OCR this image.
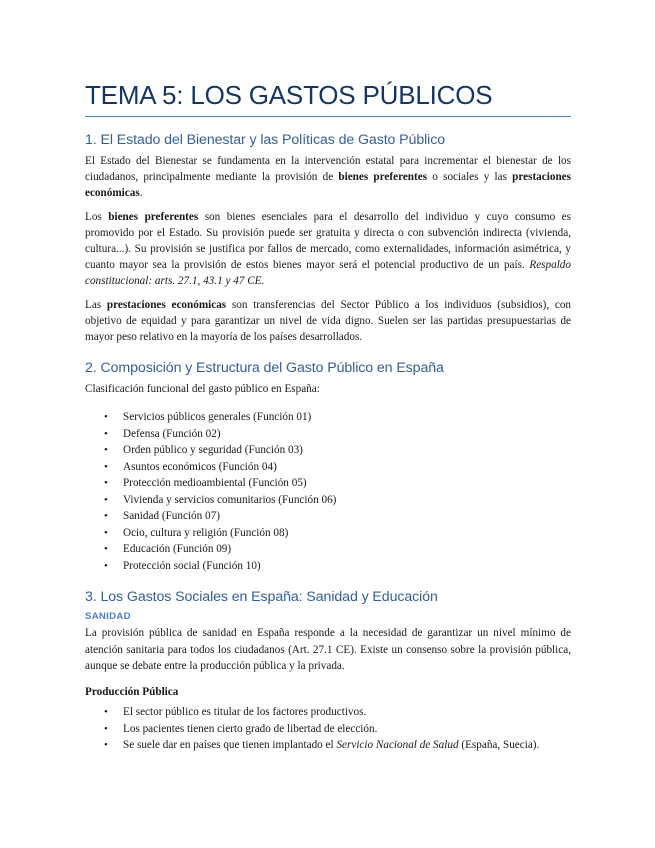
TEMA 5: LOS GASTOS PÚBLICOS
1. El Estado del Bienestar y las Políticas de Gasto Público

El Estado del Bienestar se fundamenta en la intervención estatal para incrementar el bienestar de los ciudadanos, principalmente mediante la provisión de bienes preferentes o sociales y las prestaciones económicas.

Los bienes preferentes son bienes esenciales para el desarrollo del individuo y cuyo consumo es promovido por el Estado. Su provisión puede ser gratuita y directa o con subvención indirecta (vivienda, cultura...). Su provisión se justifica por fallos de mercado, como externalidades, información asimétrica, y cuanto mayor sea la provisión de estos bienes mayor será el potencial productivo de un país. Respaldo constitucional: arts. 27.1, 43.1 y 47 CE.

Las prestaciones económicas son transferencias del Sector Público a los individuos (subsidios), con objetivo de equidad y para garantizar un nivel de vida digno. Suelen ser las partidas presupuestarias de mayor peso relativo en la mayoría de los países desarrollados.

2. Composición y Estructura del Gasto Público en España

Clasificación funcional del gasto público en España:

• Servicios públicos generales (Función 01)
• Defensa (Función 02)
• Orden público y seguridad (Función 03)
• Asuntos económicos (Función 04)
• Protección medioambiental (Función 05)
• Vivienda y servicios comunitarios (Función 06)
• Sanidad (Función 07)
• Ocio, cultura y religión (Función 08)
• Educación (Función 09)
• Protección social (Función 10)
3. Los Gastos Sociales en España: Sanidad y Educación
SANIDAD

La provisión pública de sanidad en España responde a la necesidad de garantizar un nivel mínimo de atención sanitaria para todos los ciudadanos (Art. 27.1 CE). Existe un consenso sobre la provisión pública, aunque se debate entre la producción pública y la privada.

Producción Pública
• El sector público es titular de los factores productivos.
• Los pacientes tienen cierto grado de libertad de elección.
• Se suele dar en países que tienen implantado el Servicio Nacional de Salud (España, Suecia).
